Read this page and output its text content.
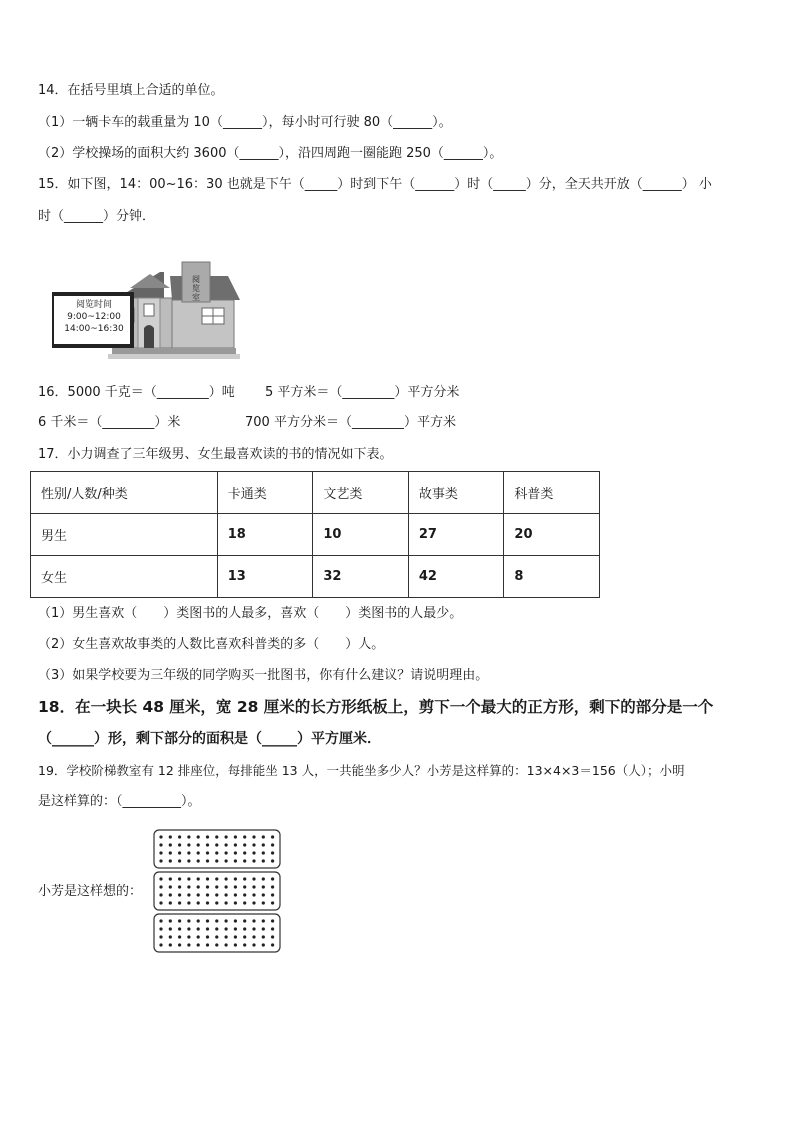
14．在括号里填上合适的单位。
（1）一辆卡车的载重量为 10（______），每小时可行驶 80（______）。
（2）学校操场的面积大约 3600（______），沿四周跑一圈能跑 250（______）。
15．如下图，14：00~16：30 也就是下午（_____）时到下午（______）时（_____）分，全天共开放（______） 小
时（______）分钟．
阅
览
室
阅览时间
9:00~12:00
14:00~16:30
16．5000 千克＝（________）吨 5 平方米＝（________）平方分米
6 千米＝（________）米	700 平方分米＝（________）平方米
17．小力调查了三年级男、女生最喜欢读的书的情况如下表。
性别/人数/种类	卡通类	文艺类	故事类	科普类
男生	18	10	27	20
女生	13	32	42	8
（1）男生喜欢（　　）类图书的人最多，喜欢（　　）类图书的人最少。
（2）女生喜欢故事类的人数比喜欢科普类的多（　　）人。
（3）如果学校要为三年级的同学购买一批图书，你有什么建议？请说明理由。
18．在一块长 48 厘米，宽 28 厘米的长方形纸板上，剪下一个最大的正方形，剩下的部分是一个
（______）形，剩下部分的面积是（_____）平方厘米．
19．学校阶梯教室有 12 排座位，每排能坐 13 人，一共能坐多少人？小芳是这样算的：13×4×3＝156（人）；小明
是这样算的：（_________）。
小芳是这样想的：
